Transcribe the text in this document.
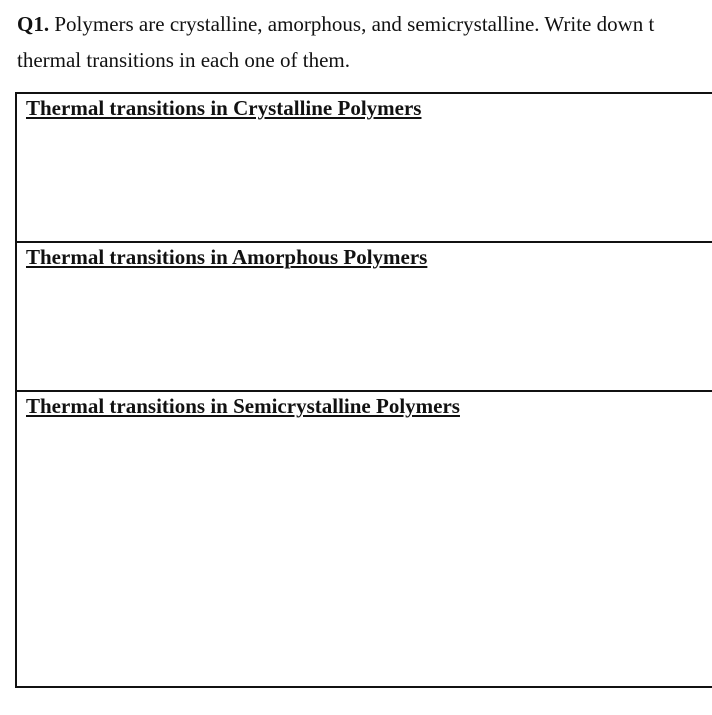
Q1. Polymers are crystalline, amorphous, and semicrystalline. Write down t
thermal transitions in each one of them.

Thermal transitions in Crystalline Polymers
Thermal transitions in Amorphous Polymers
Thermal transitions in Semicrystalline Polymers
